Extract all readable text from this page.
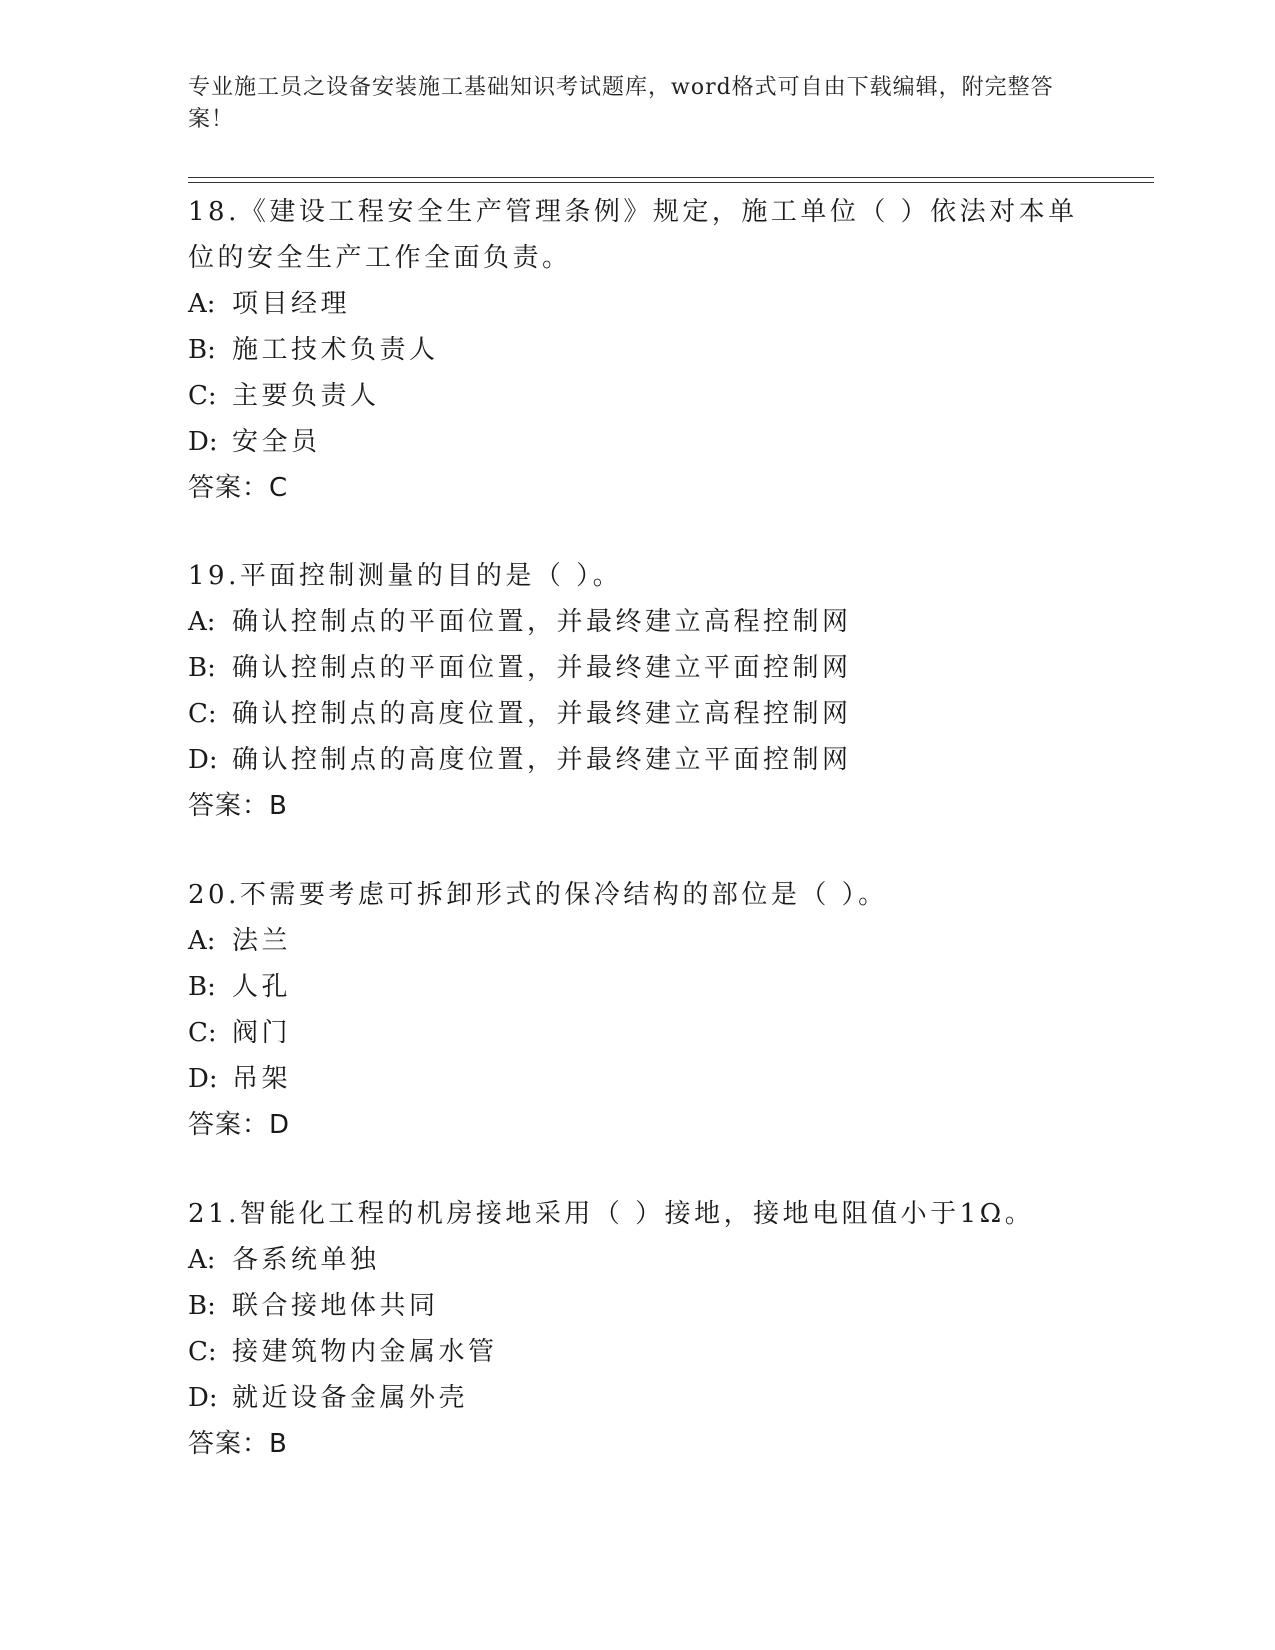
专业施工员之设备安装施工基础知识考试题库，word格式可自由下载编辑，附完整答案！

18.《建设工程安全生产管理条例》规定，施工单位（ ）依法对本单位的安全生产工作全面负责。

A: 项目经理
B: 施工技术负责人
C: 主要负责人
D: 安全员
答案：C

19.平面控制测量的目的是（ ）。

A: 确认控制点的平面位置，并最终建立高程控制网
B: 确认控制点的平面位置，并最终建立平面控制网
C: 确认控制点的高度位置，并最终建立高程控制网
D: 确认控制点的高度位置，并最终建立平面控制网
答案：B

20.不需要考虑可拆卸形式的保冷结构的部位是（ ）。

A: 法兰
B: 人孔
C: 阀门
D: 吊架
答案：D

21.智能化工程的机房接地采用（ ）接地，接地电阻值小于1Ω。

A: 各系统单独
B: 联合接地体共同
C: 接建筑物内金属水管
D: 就近设备金属外壳
答案：B
